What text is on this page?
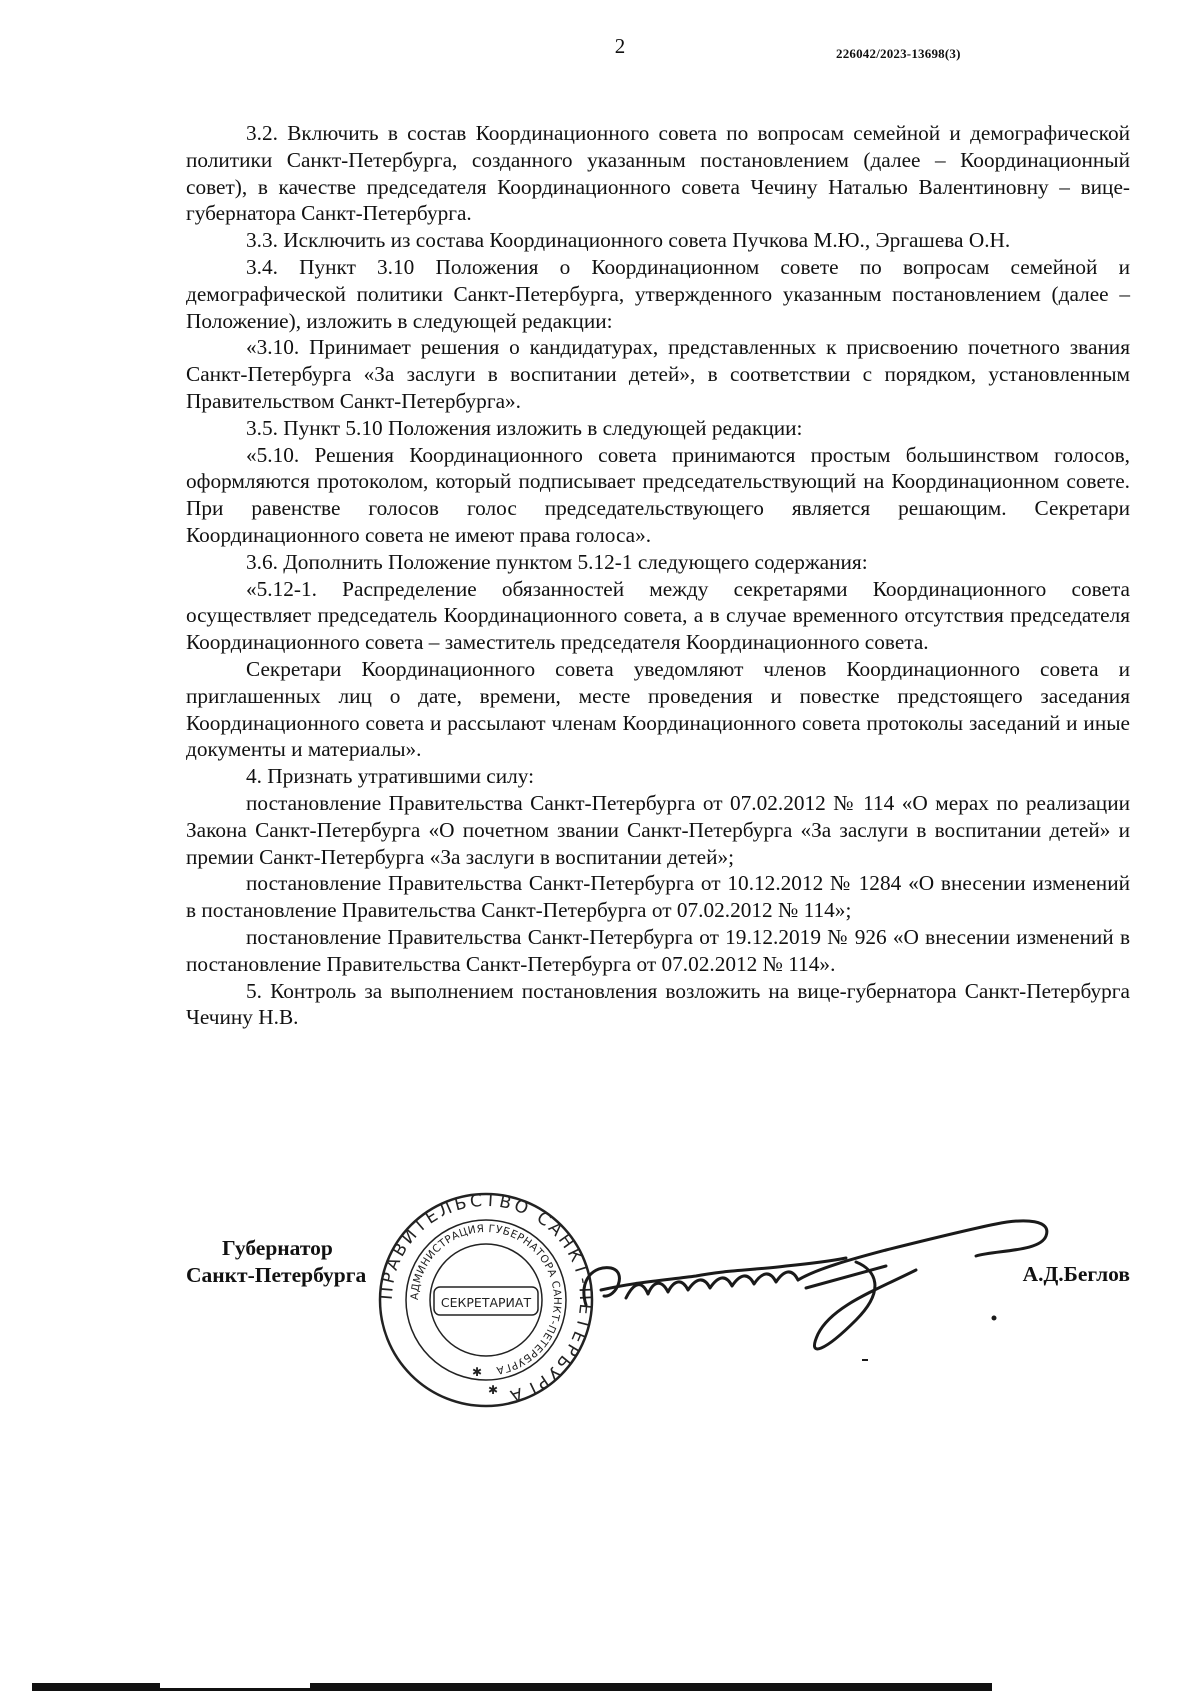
2	226042/2023-13698(3)

3.2. Включить в состав Координационного совета по вопросам семейной и демографической политики Санкт-Петербурга, созданного указанным постановлением (далее – Координационный совет), в качестве председателя Координационного совета Чечину Наталью Валентиновну – вице-губернатора Санкт-Петербурга.

3.3. Исключить из состава Координационного совета Пучкова М.Ю., Эргашева О.Н.

3.4. Пункт 3.10 Положения о Координационном совете по вопросам семейной и демографической политики Санкт-Петербурга, утвержденного указанным постановлением (далее – Положение), изложить в следующей редакции:

«3.10. Принимает решения о кандидатурах, представленных к присвоению почетного звания Санкт-Петербурга «За заслуги в воспитании детей», в соответствии с порядком, установленным Правительством Санкт-Петербурга».

3.5. Пункт 5.10 Положения изложить в следующей редакции:

«5.10. Решения Координационного совета принимаются простым большинством голосов, оформляются протоколом, который подписывает председательствующий на Координационном совете. При равенстве голосов голос председательствующего является решающим. Секретари Координационного совета не имеют права голоса».

3.6. Дополнить Положение пунктом 5.12-1 следующего содержания:

«5.12-1. Распределение обязанностей между секретарями Координационного совета осуществляет председатель Координационного совета, а в случае временного отсутствия председателя Координационного совета – заместитель председателя Координационного совета.

Секретари Координационного совета уведомляют членов Координационного совета и приглашенных лиц о дате, времени, месте проведения и повестке предстоящего заседания Координационного совета и рассылают членам Координационного совета протоколы заседаний и иные документы и материалы».

4. Признать утратившими силу:

постановление Правительства Санкт-Петербурга от 07.02.2012 № 114 «О мерах по реализации Закона Санкт-Петербурга «О почетном звании Санкт-Петербурга «За заслуги в воспитании детей» и премии Санкт-Петербурга «За заслуги в воспитании детей»;

постановление Правительства Санкт-Петербурга от 10.12.2012 № 1284 «О внесении изменений в постановление Правительства Санкт-Петербурга от 07.02.2012 № 114»;

постановление Правительства Санкт-Петербурга от 19.12.2019 № 926 «О внесении изменений в постановление Правительства Санкт-Петербурга от 07.02.2012 № 114».

5. Контроль за выполнением постановления возложить на вице-губернатора Санкт-Петербурга Чечину Н.В.

Губернатор
Санкт-Петербурга
ПРАВИТЕЛЬСТВО САНКТ-ПЕТЕРБУРГА
АДМИНИСТРАЦИЯ ГУБЕРНАТОРА САНКТ-ПЕТЕРБУРГА
СЕКРЕТАРИАТ
✱
✱
А.Д.Беглов
